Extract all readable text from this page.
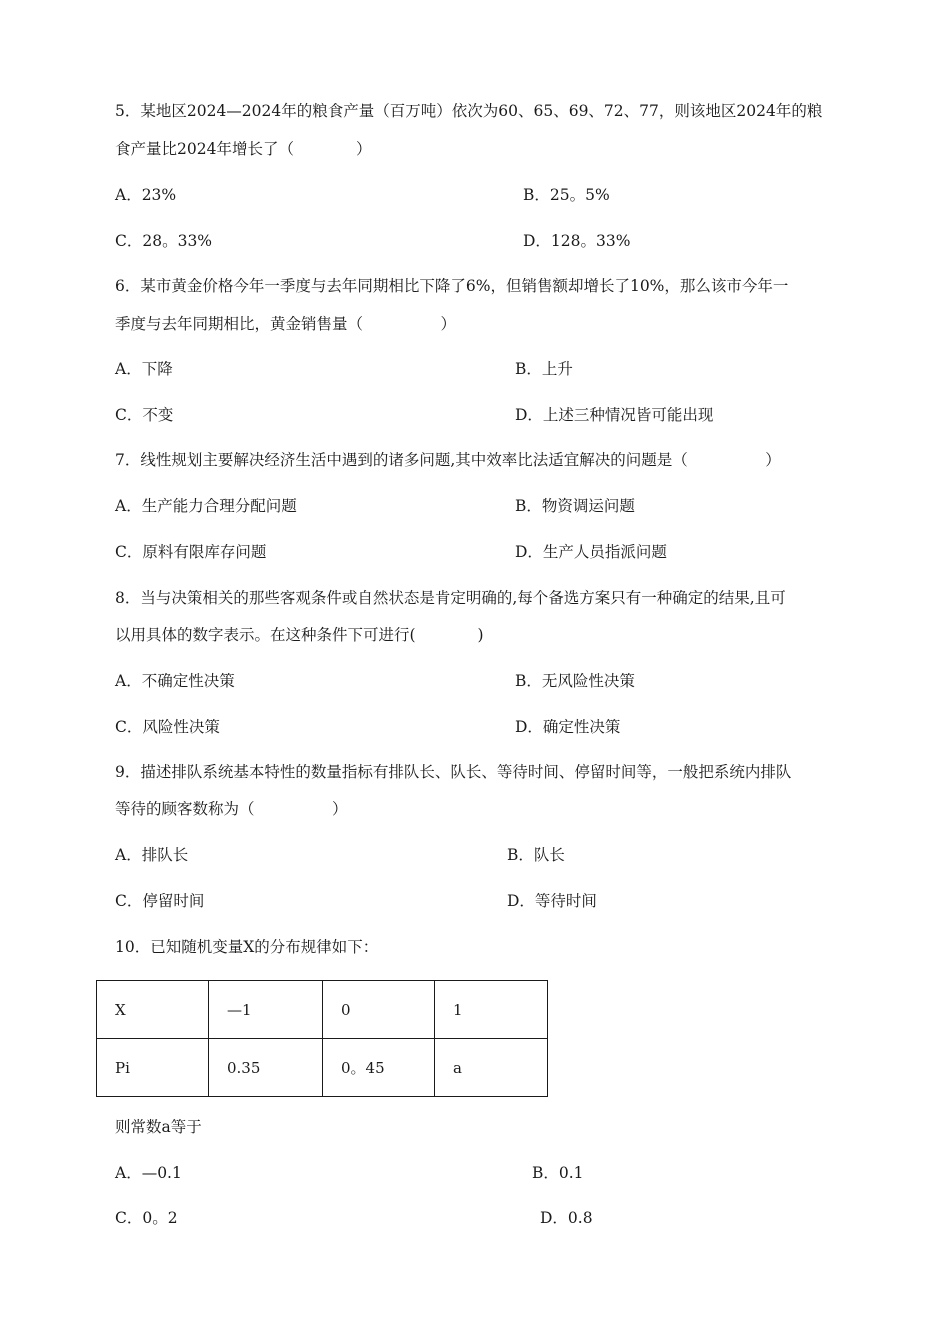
5．某地区2024—2024年的粮食产量（百万吨）依次为60、65、69、72、77，则该地区2024年的粮
食产量比2024年增长了（　　　　）
A．23%	B．25。5%
C．28。33%	D．128。33%
6．某市黄金价格今年一季度与去年同期相比下降了6%，但销售额却增长了10%，那么该市今年一
季度与去年同期相比，黄金销售量（　　　　　）
A．下降	B．上升
C．不变	D．上述三种情况皆可能出现
7．线性规划主要解决经济生活中遇到的诸多问题,其中效率比法适宜解决的问题是（　　　　　）
A．生产能力合理分配问题	B．物资调运问题
C．原料有限库存问题	D．生产人员指派问题
8．当与决策相关的那些客观条件或自然状态是肯定明确的,每个备选方案只有一种确定的结果,且可
以用具体的数字表示。在这种条件下可进行(　　　　)
A．不确定性决策	B．无风险性决策
C．风险性决策	D．确定性决策
9．描述排队系统基本特性的数量指标有排队长、队长、等待时间、停留时间等，一般把系统内排队
等待的顾客数称为（　　　　　）
A．排队长	B．队长
C．停留时间	D．等待时间
10．已知随机变量X的分布规律如下：
X	—1	0	1
Pi	0.35	0。45	a
则常数a等于
A．—0.1	B．0.1
C．0。2	D．0.8
